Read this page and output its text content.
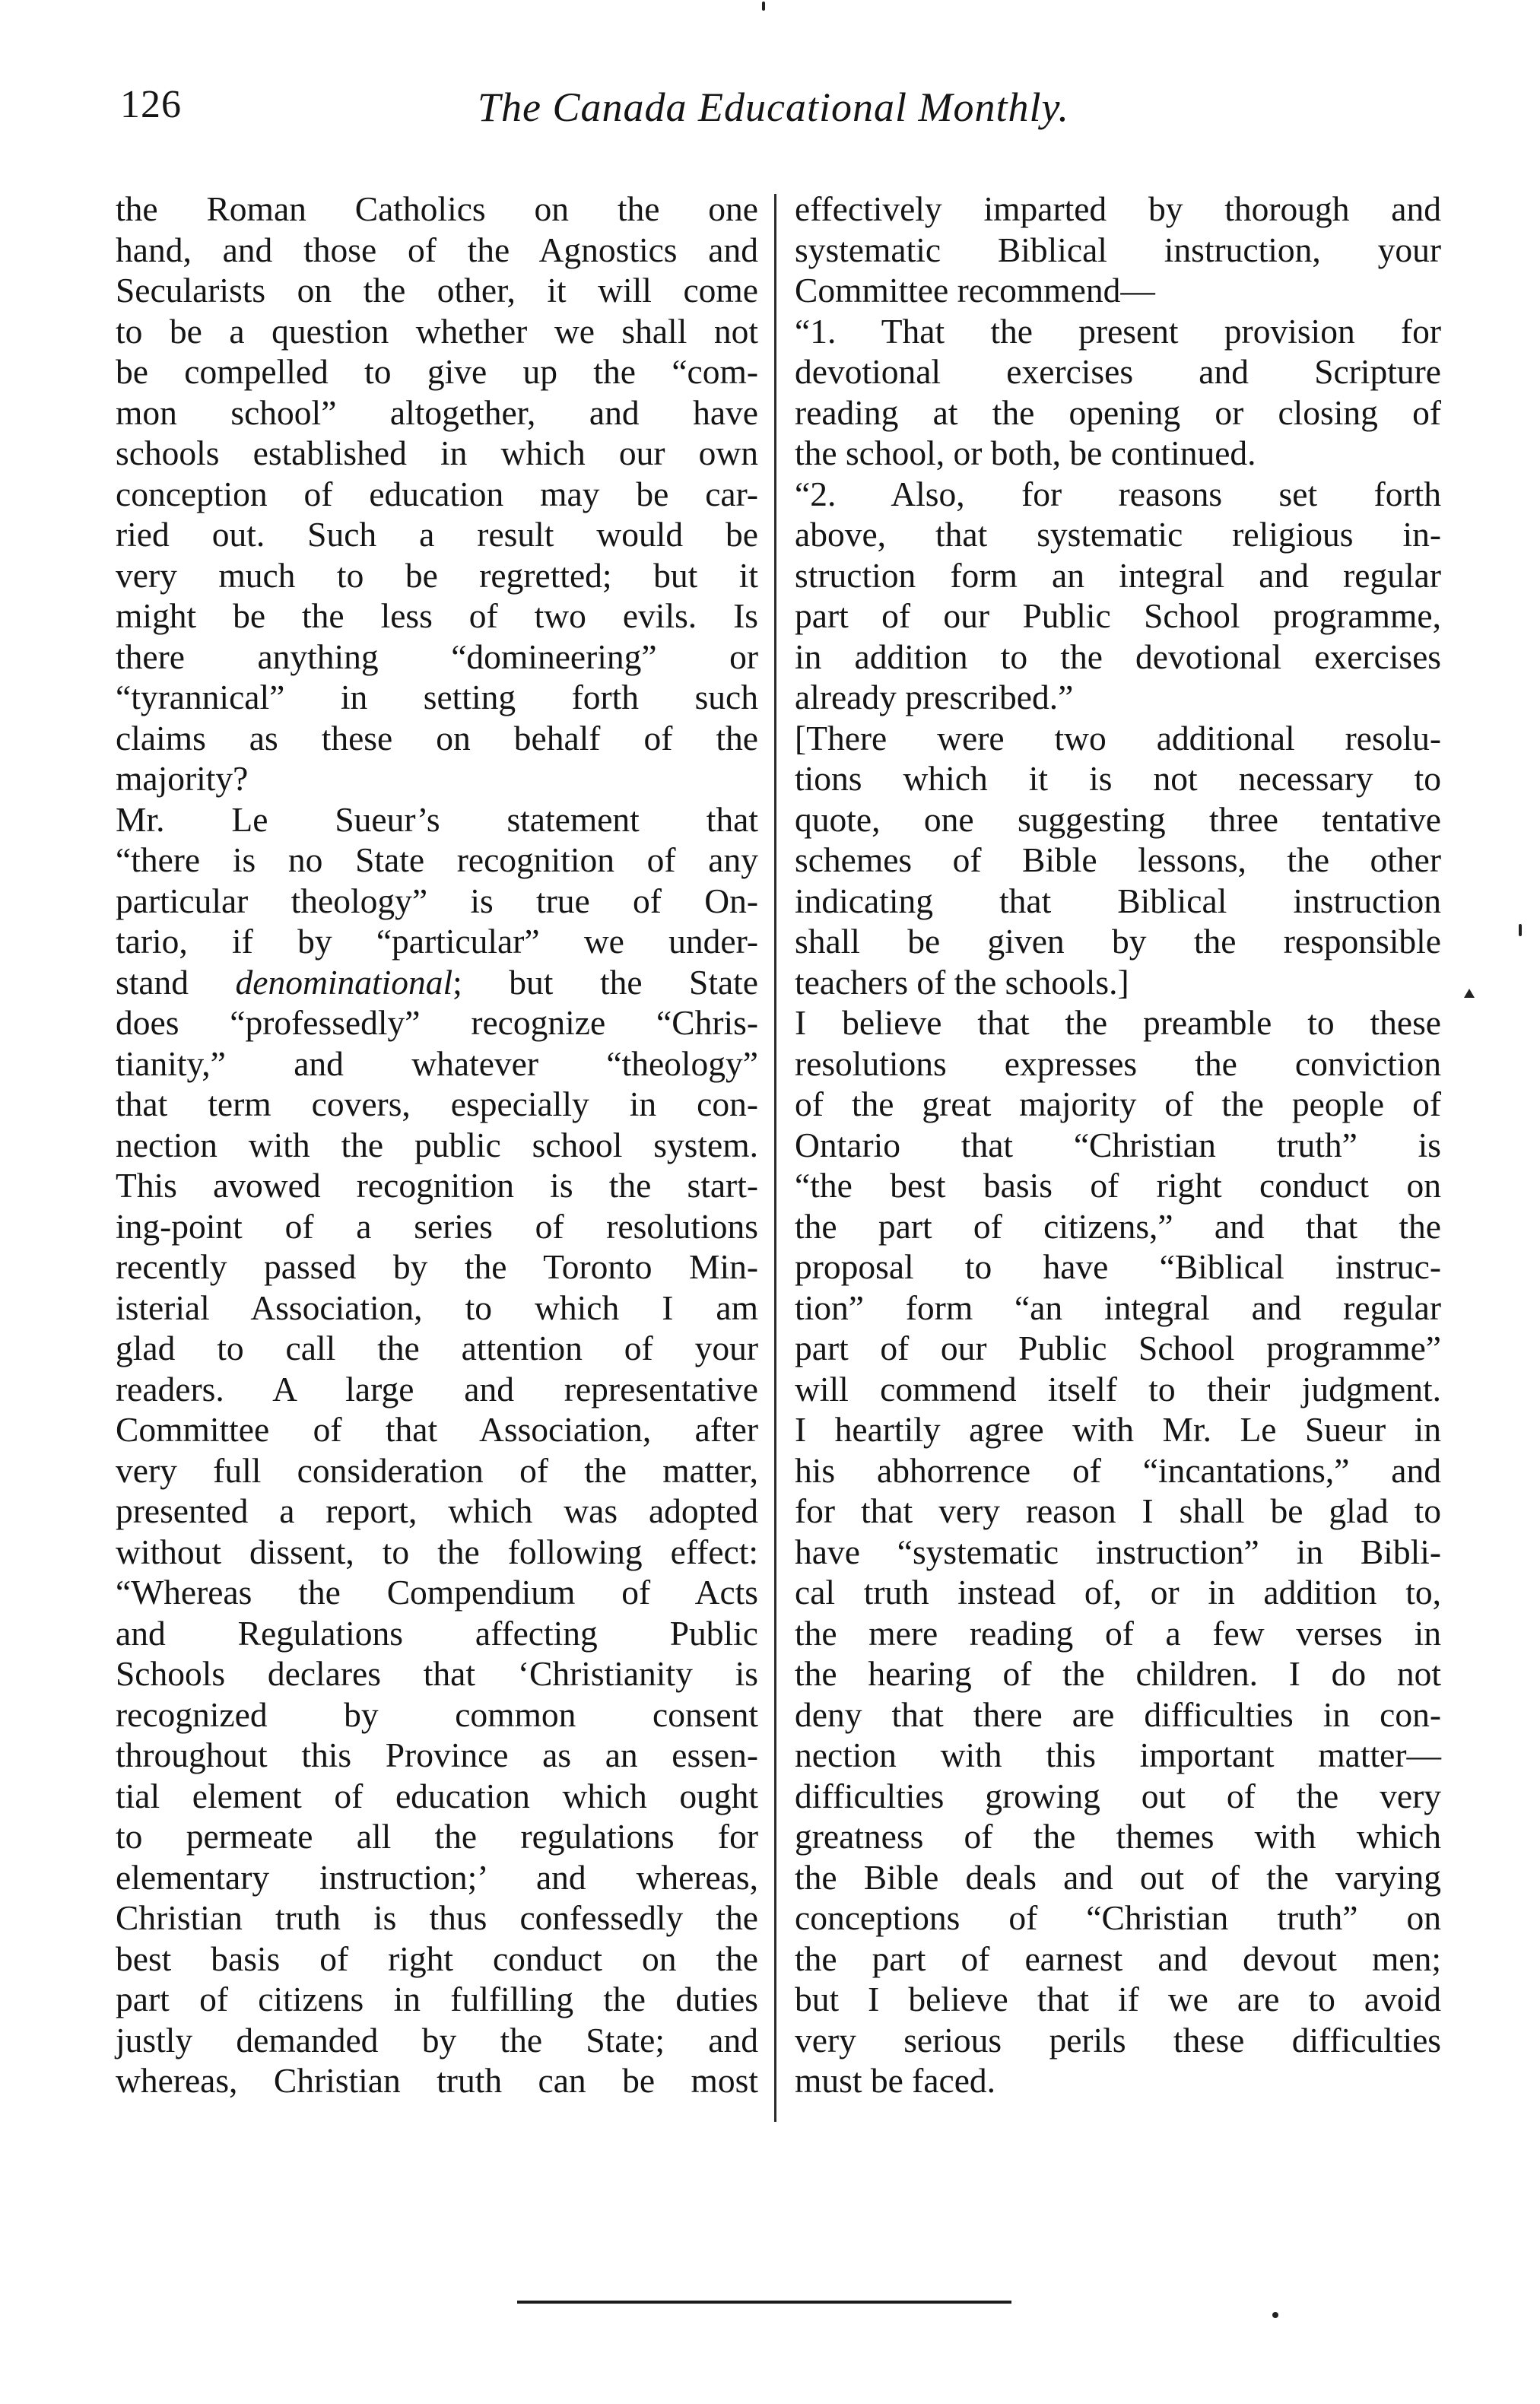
126	The Canada Educational Monthly.
the Roman Catholics on the one
hand, and those of the Agnostics and
Secularists on the other, it will come
to be a question whether we shall not
be compelled to give up the “com-
mon school” altogether, and have
schools established in which our own
conception of education may be car-
ried out. Such a result would be
very much to be regretted; but it
might be the less of two evils. Is
there anything “domineering” or
“tyrannical” in setting forth such
claims as these on behalf of the
majority?
Mr. Le Sueur’s statement that
“there is no State recognition of any
particular theology” is true of On-
tario, if by “particular” we under-
stand denominational; but the State
does “professedly” recognize “Chris-
tianity,” and whatever “theology”
that term covers, especially in con-
nection with the public school system.
This avowed recognition is the start-
ing-point of a series of resolutions
recently passed by the Toronto Min-
isterial Association, to which I am
glad to call the attention of your
readers. A large and representative
Committee of that Association, after
very full consideration of the matter,
presented a report, which was adopted
without dissent, to the following effect:
“Whereas the Compendium of Acts
and Regulations affecting Public
Schools declares that ‘Christianity is
recognized by common consent
throughout this Province as an essen-
tial element of education which ought
to permeate all the regulations for
elementary instruction;’ and whereas,
Christian truth is thus confessedly the
best basis of right conduct on the
part of citizens in fulfilling the duties
justly demanded by the State; and
whereas, Christian truth can be most
effectively imparted by thorough and
systematic Biblical instruction, your
Committee recommend—
“1. That the present provision for
devotional exercises and Scripture
reading at the opening or closing of
the school, or both, be continued.
“2. Also, for reasons set forth
above, that systematic religious in-
struction form an integral and regular
part of our Public School programme,
in addition to the devotional exercises
already prescribed.”
[There were two additional resolu-
tions which it is not necessary to
quote, one suggesting three tentative
schemes of Bible lessons, the other
indicating that Biblical instruction
shall be given by the responsible
teachers of the schools.]
I believe that the preamble to these
resolutions expresses the conviction
of the great majority of the people of
Ontario that “Christian truth” is
“the best basis of right conduct on
the part of citizens,” and that the
proposal to have “Biblical instruc-
tion” form “an integral and regular
part of our Public School programme”
will commend itself to their judgment.
I heartily agree with Mr. Le Sueur in
his abhorrence of “incantations,” and
for that very reason I shall be glad to
have “systematic instruction” in Bibli-
cal truth instead of, or in addition to,
the mere reading of a few verses in
the hearing of the children. I do not
deny that there are difficulties in con-
nection with this important matter—
difficulties growing out of the very
greatness of the themes with which
the Bible deals and out of the varying
conceptions of “Christian truth” on
the part of earnest and devout men;
but I believe that if we are to avoid
very serious perils these difficulties
must be faced.
